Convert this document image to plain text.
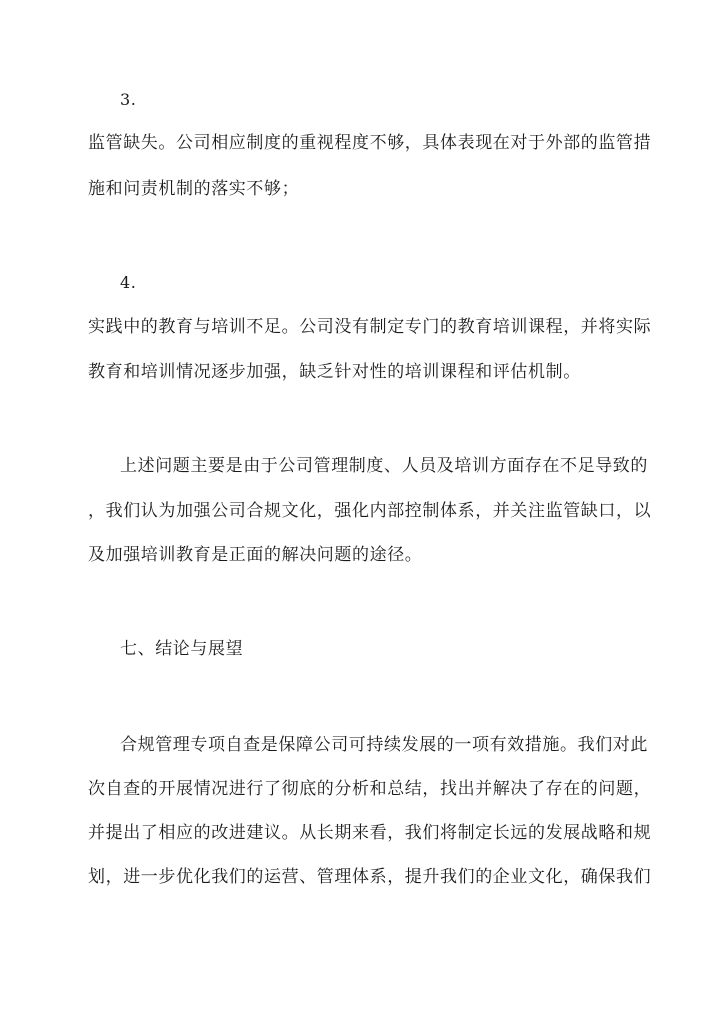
3.
监管缺失。公司相应制度的重视程度不够，具体表现在对于外部的监管措
施和问责机制的落实不够；
4.
实践中的教育与培训不足。公司没有制定专门的教育培训课程，并将实际
教育和培训情况逐步加强，缺乏针对性的培训课程和评估机制。
上述问题主要是由于公司管理制度、人员及培训方面存在不足导致的
，我们认为加强公司合规文化，强化内部控制体系，并关注监管缺口，以
及加强培训教育是正面的解决问题的途径。
七、结论与展望
合规管理专项自查是保障公司可持续发展的一项有效措施。我们对此
次自查的开展情况进行了彻底的分析和总结，找出并解决了存在的问题，
并提出了相应的改进建议。从长期来看，我们将制定长远的发展战略和规
划，进一步优化我们的运营、管理体系，提升我们的企业文化，确保我们
